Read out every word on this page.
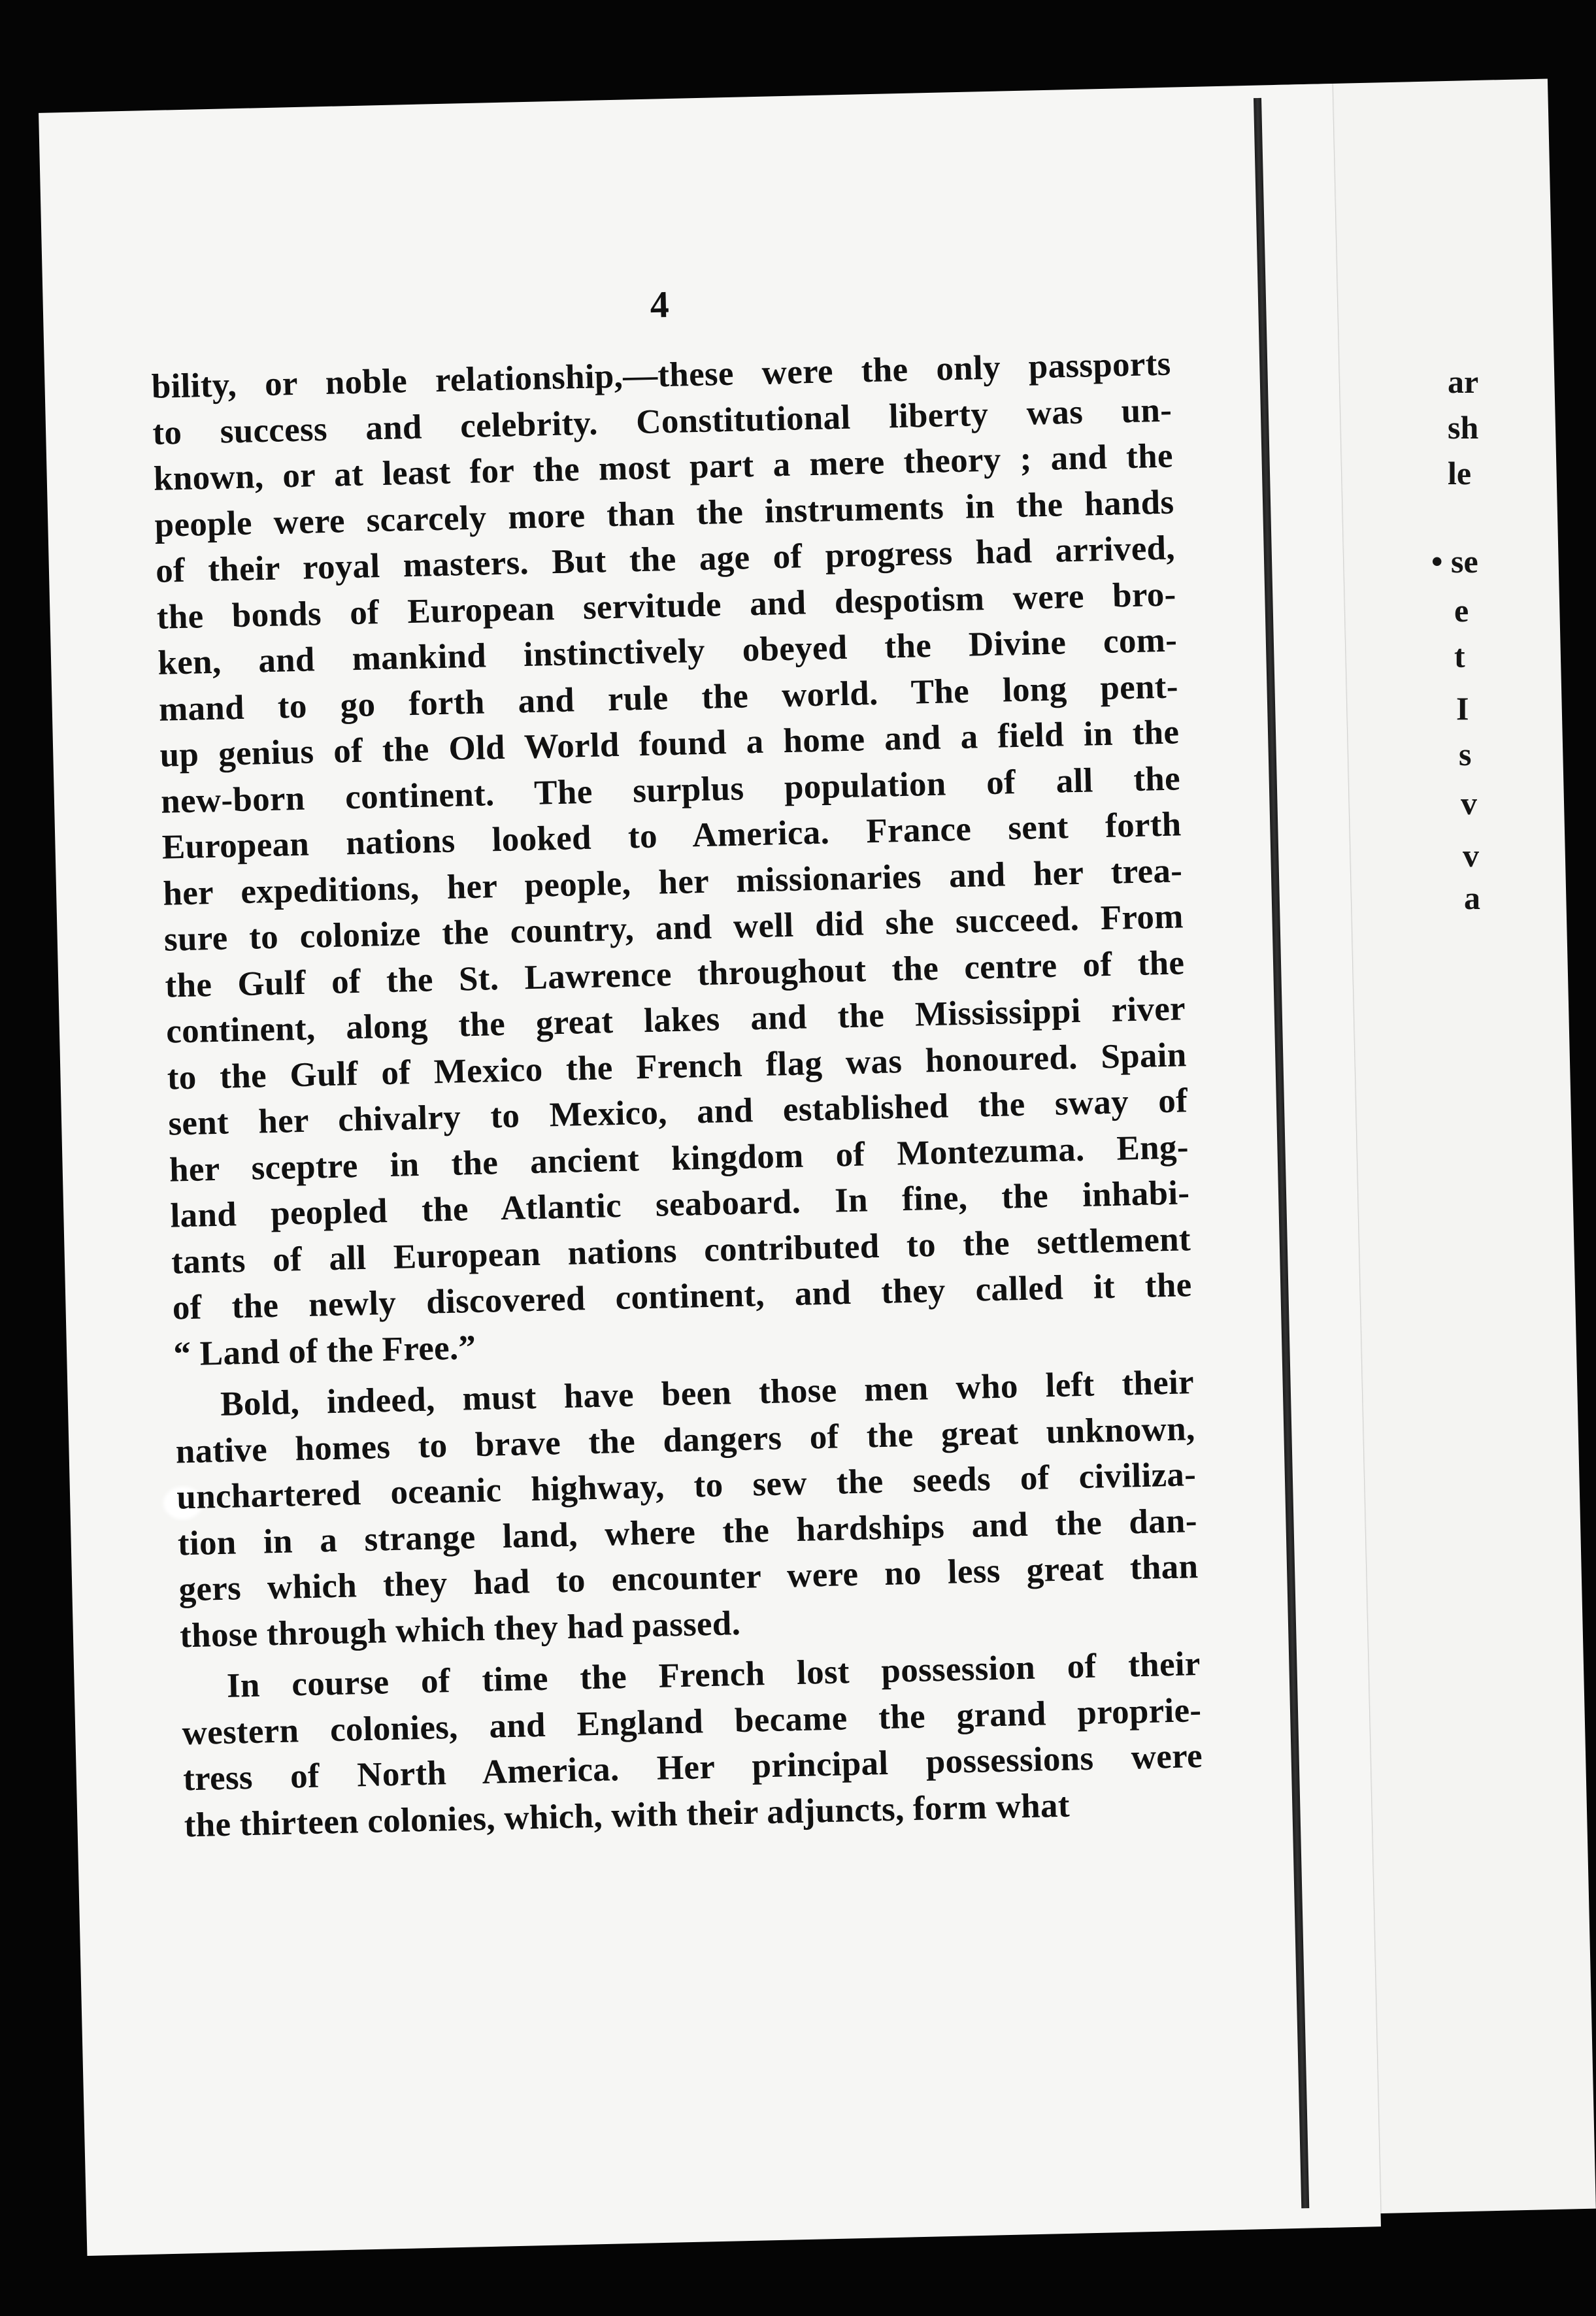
4
bility, or noble relationship,—these were the only passports
to success and celebrity. Constitutional liberty was un-
known, or at least for the most part a mere theory ; and the
people were scarcely more than the instruments in the hands
of their royal masters. But the age of progress had arrived,
the bonds of European servitude and despotism were bro-
ken, and mankind instinctively obeyed the Divine com-
mand to go forth and rule the world. The long pent-
up genius of the Old World found a home and a field in the
new-born continent. The surplus population of all the
European nations looked to America. France sent forth
her expeditions, her people, her missionaries and her trea-
sure to colonize the country, and well did she succeed. From
the Gulf of the St. Lawrence throughout the centre of the
continent, along the great lakes and the Mississippi river
to the Gulf of Mexico the French flag was honoured. Spain
sent her chivalry to Mexico, and established the sway of
her sceptre in the ancient kingdom of Montezuma. Eng-
land peopled the Atlantic seaboard. In fine, the inhabi-
tants of all European nations contributed to the settlement
of the newly discovered continent, and they called it the
“ Land of the Free.”
Bold, indeed, must have been those men who left their
native homes to brave the dangers of the great unknown,
unchartered oceanic highway, to sew the seeds of civiliza-
tion in a strange land, where the hardships and the dan-
gers which they had to encounter were no less great than
those through which they had passed.
In course of time the French lost possession of their
western colonies, and England became the grand proprie-
tress of North America. Her principal possessions were
the thirteen colonies, which, with their adjuncts, form what
ar
sh
le
• se
e
t
I
s
v
v
a
